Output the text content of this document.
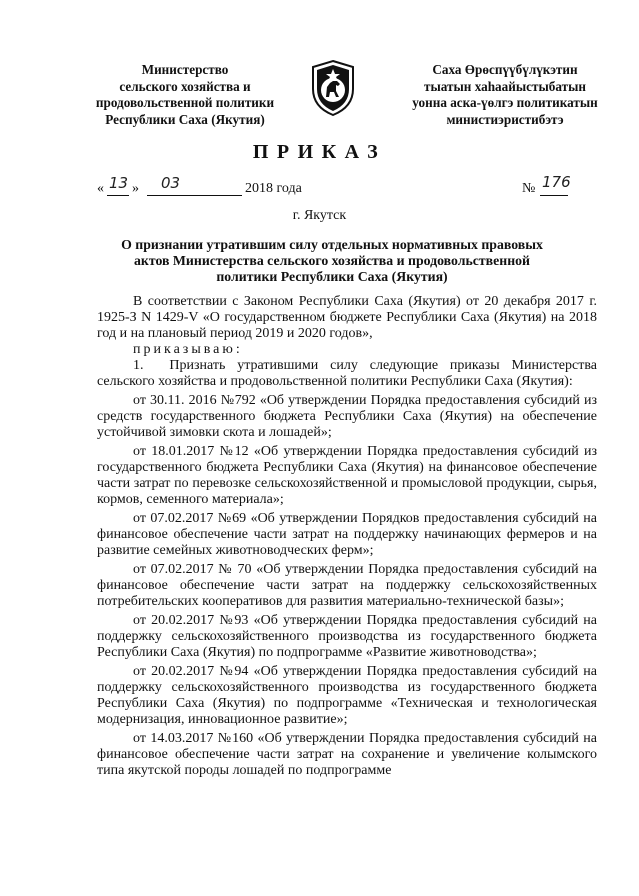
Министерство
сельского хозяйства и
продовольственной политики
Республики Саха (Якутия)
Саха Өрөспүүбүлүкэтин
тыатын хаһаайыстыбатын
уонна аска-үөлгэ политикатын
министиэристибэтэ
ПРИКАЗ
« 13 » 03	2018 года	№ 176
г. Якутск
О признании утратившим силу отдельных нормативных правовых актов Министерства сельского хозяйства и продовольственной политики Республики Саха (Якутия)

В соответствии с Законом Республики Саха (Якутия) от 20 декабря 2017 г. 1925-З N 1429-V «О государственном бюджете Республики Саха (Якутия) на 2018 год и на плановый период 2019 и 2020 годов»,

приказываю:

1.  Признать утратившими силу следующие приказы Министерства сельского хозяйства и продовольственной политики Республики Саха (Якутия):

от 30.11. 2016 №792 «Об утверждении Порядка предоставления субсидий из средств государственного бюджета Республики Саха (Якутия) на обеспечение устойчивой зимовки скота и лошадей»;

от 18.01.2017 №12 «Об утверждении Порядка предоставления субсидий из государственного бюджета Республики Саха (Якутия) на финансовое обеспечение части затрат по перевозке сельскохозяйственной и промысловой продукции, сырья, кормов, семенного материала»;

от 07.02.2017 №69 «Об утверждении Порядков предоставления субсидий на финансовое обеспечение части затрат на поддержку начинающих фермеров и на развитие семейных животноводческих ферм»;

от 07.02.2017 № 70 «Об утверждении Порядка предоставления субсидий на финансовое обеспечение части затрат на поддержку сельскохозяйственных потребительских кооперативов для развития материально-технической базы»;

от 20.02.2017 №93 «Об утверждении Порядка предоставления субсидий на поддержку сельскохозяйственного производства из государственного бюджета Республики Саха (Якутия) по подпрограмме «Развитие животноводства»;

от 20.02.2017 №94 «Об утверждении Порядка предоставления субсидий на поддержку сельскохозяйственного производства из государственного бюджета Республики Саха (Якутия) по подпрограмме «Техническая и технологическая модернизация, инновационное развитие»;

от 14.03.2017 №160 «Об утверждении Порядка предоставления субсидий на финансовое обеспечение части затрат на сохранение и увеличение колымского типа якутской породы лошадей по подпрограмме
